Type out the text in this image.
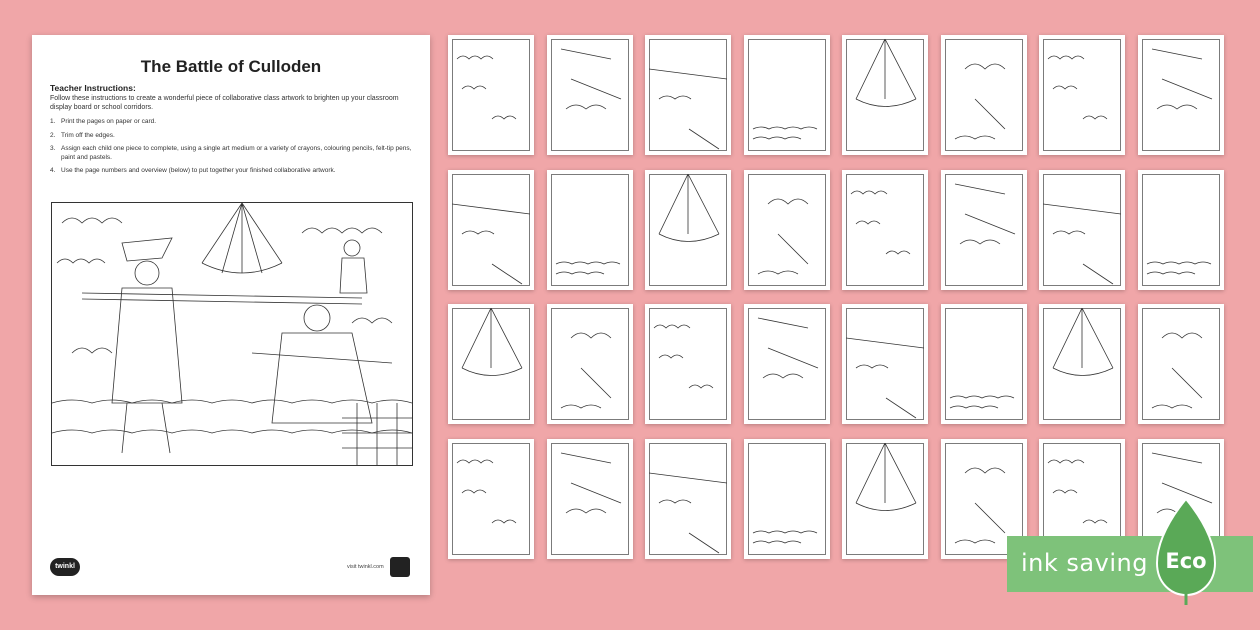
The Battle of Culloden
Teacher Instructions:
Follow these instructions to create a wonderful piece of collaborative class artwork to brighten up your classroom display board or school corridors.
1. Print the pages on paper or card.
2. Trim off the edges.
3. Assign each child one piece to complete, using a single art medium or a variety of crayons, colouring pencils, felt-tip pens, paint and pastels.
4. Use the page numbers and overview (below) to put together your finished collaborative artwork.
twinkl	visit twinkl.com	ink saving Eco
